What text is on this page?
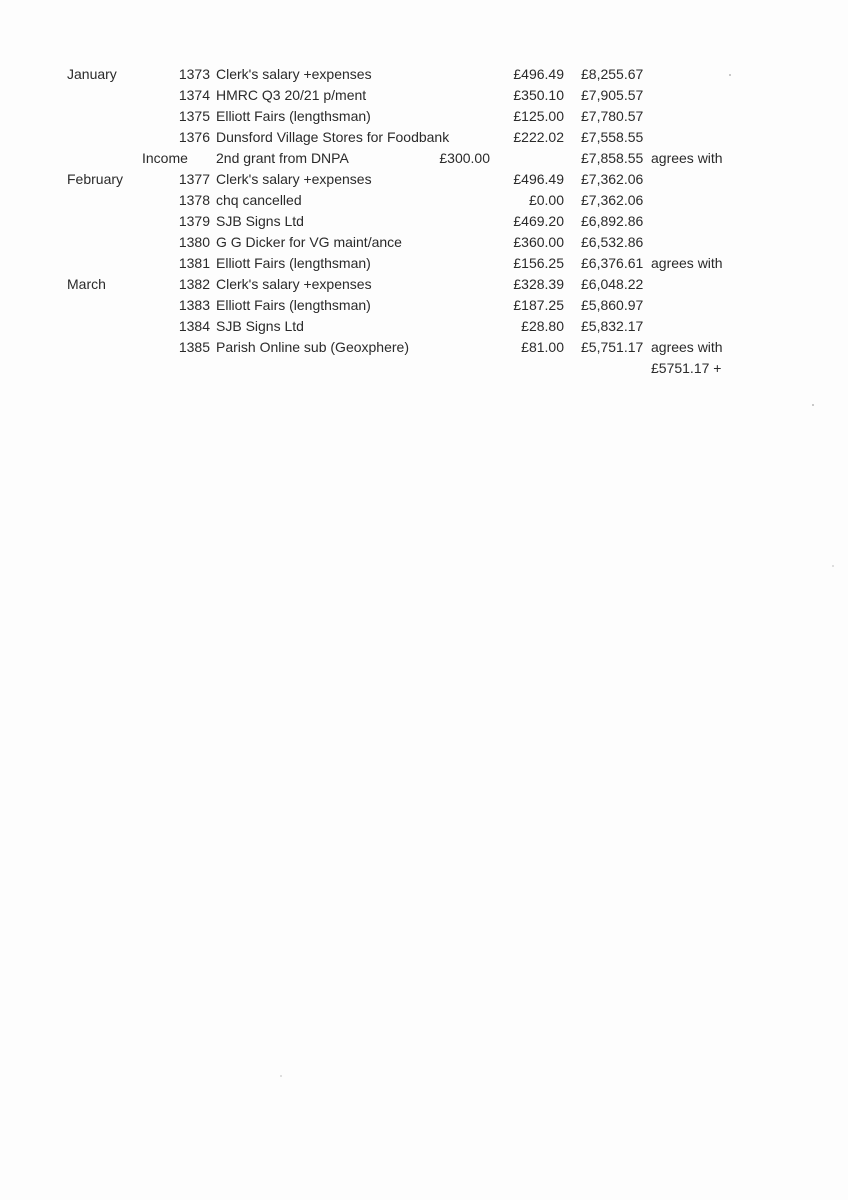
January	1373 Clerk's salary +expenses	£496.49 £8,255.67
1374 HMRC Q3 20/21 p/ment	£350.10 £7,905.57
1375 Elliott Fairs (lengthsman)	£125.00 £7,780.57
1376 Dunsford Village Stores for Foodbank	£222.02 £7,558.55
Income 2nd grant from DNPA	£300.00	£7,858.55 agrees with
February	1377 Clerk's salary +expenses	£496.49 £7,362.06
1378 chq cancelled	£0.00 £7,362.06
1379 SJB Signs Ltd	£469.20 £6,892.86
1380 G G Dicker for VG maint/ance	£360.00 £6,532.86
1381 Elliott Fairs (lengthsman)	£156.25 £6,376.61 agrees with
March	1382 Clerk's salary +expenses	£328.39 £6,048.22
1383 Elliott Fairs (lengthsman)	£187.25 £5,860.97
1384 SJB Signs Ltd	£28.80 £5,832.17
1385 Parish Online sub (Geoxphere)	£81.00 £5,751.17 agrees with
£5751.17 +
